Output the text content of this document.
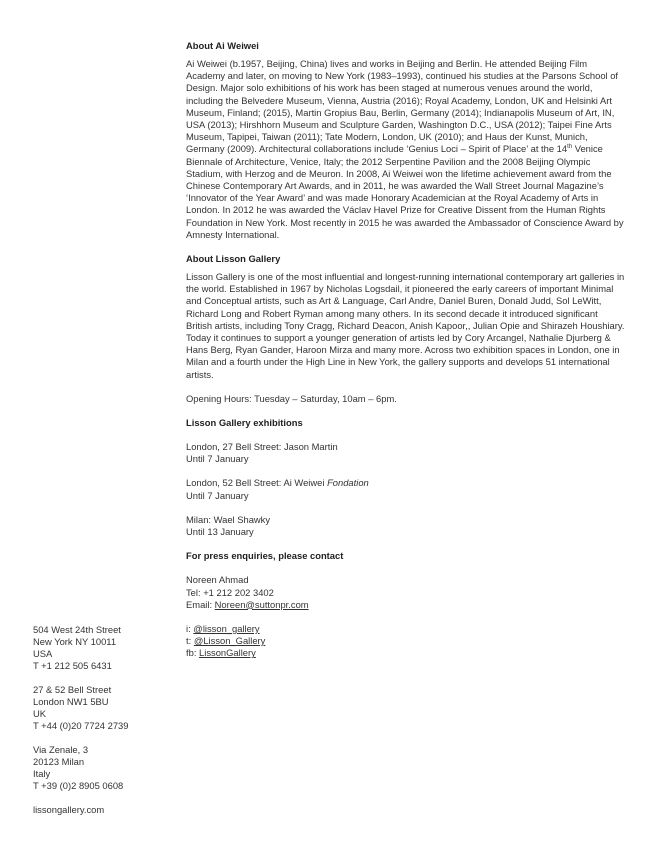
About Ai Weiwei

Ai Weiwei (b.1957, Beijing, China) lives and works in Beijing and Berlin. He attended Beijing Film Academy and later, on moving to New York (1983–1993), continued his studies at the Parsons School of Design. Major solo exhibitions of his work has been staged at numerous venues around the world, including the Belvedere Museum, Vienna, Austria (2016); Royal Academy, London, UK and Helsinki Art Museum, Finland; (2015), Martin Gropius Bau, Berlin, Germany (2014); Indianapolis Museum of Art, IN, USA (2013); Hirshhorn Museum and Sculpture Garden, Washington D.C., USA (2012); Taipei Fine Arts Museum, Tapipei, Taiwan (2011); Tate Modern, London, UK (2010); and Haus der Kunst, Munich, Germany (2009). Architectural collaborations include ‘Genius Loci – Spirit of Place’ at the 14th Venice Biennale of Architecture, Venice, Italy; the 2012 Serpentine Pavilion and the 2008 Beijing Olympic Stadium, with Herzog and de Meuron. In 2008, Ai Weiwei won the lifetime achievement award from the Chinese Contemporary Art Awards, and in 2011, he was awarded the Wall Street Journal Magazine’s ‘Innovator of the Year Award’ and was made Honorary Academician at the Royal Academy of Arts in London. In 2012 he was awarded the Václav Havel Prize for Creative Dissent from the Human Rights Foundation in New York. Most recently in 2015 he was awarded the Ambassador of Conscience Award by Amnesty International.

About Lisson Gallery

Lisson Gallery is one of the most influential and longest-running international contemporary art galleries in the world. Established in 1967 by Nicholas Logsdail, it pioneered the early careers of important Minimal and Conceptual artists, such as Art & Language, Carl Andre, Daniel Buren, Donald Judd, Sol LeWitt, Richard Long and Robert Ryman among many others. In its second decade it introduced significant British artists, including Tony Cragg, Richard Deacon, Anish Kapoor,, Julian Opie and Shirazeh Houshiary. Today it continues to support a younger generation of artists led by Cory Arcangel, Nathalie Djurberg & Hans Berg, Ryan Gander, Haroon Mirza and many more. Across two exhibition spaces in London, one in Milan and a fourth under the High Line in New York, the gallery supports and develops 51 international artists.

Opening Hours: Tuesday – Saturday, 10am – 6pm.

Lisson Gallery exhibitions

London, 27 Bell Street: Jason Martin

Until 7 January

London, 52 Bell Street: Ai Weiwei Fondation

Until 7 January

Milan: Wael Shawky

Until 13 January

For press enquiries, please contact

Noreen Ahmad

Tel: +1 212 202 3402

Email: Noreen@suttonpr.com

i: @lisson_gallery

t: @Lisson_Gallery

fb: LissonGallery

504 West 24th Street

New York NY 10011

USA

T +1 212 505 6431

27 & 52 Bell Street

London NW1 5BU

UK

T +44 (0)20 7724 2739

Via Zenale, 3

20123 Milan

Italy

T +39 (0)2 8905 0608

lissongallery.com
